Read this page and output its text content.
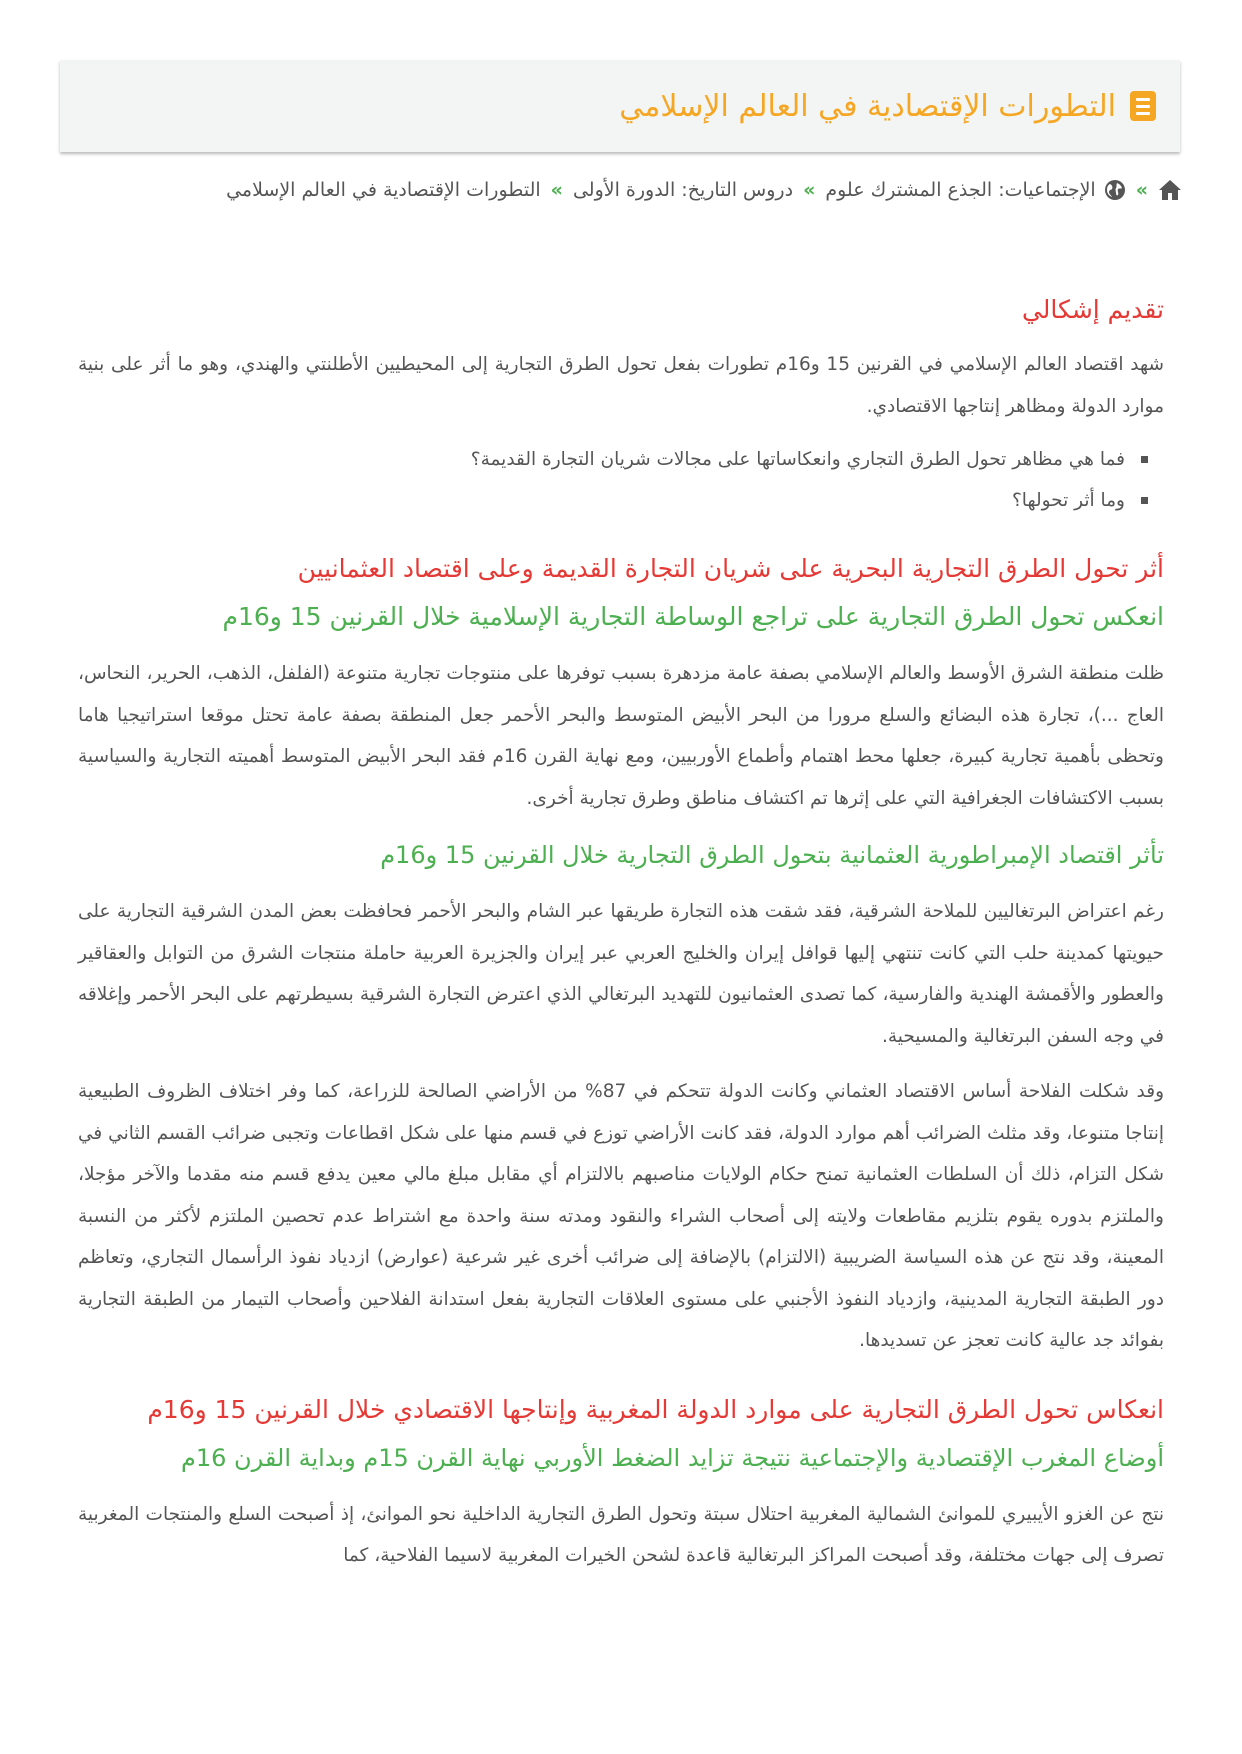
التطورات الإقتصادية في العالم الإسلامي
»
الإجتماعيات: الجذع المشترك علوم
»
دروس التاريخ: الدورة الأولى
»
التطورات الإقتصادية في العالم الإسلامي
تقديم إشكالي

شهد اقتصاد العالم الإسلامي في القرنين 15 و16م تطورات بفعل تحول الطرق التجارية إلى المحيطيين الأطلنتي والهندي، وهو ما أثر على بنية موارد الدولة ومظاهر إنتاجها الاقتصادي.

فما هي مظاهر تحول الطرق التجاري وانعكاساتها على مجالات شريان التجارة القديمة؟
وما أثر تحولها؟
أثر تحول الطرق التجارية البحرية على شريان التجارة القديمة وعلى اقتصاد العثمانيين
انعكس تحول الطرق التجارية على تراجع الوساطة التجارية الإسلامية خلال القرنين 15 و16م

ظلت منطقة الشرق الأوسط والعالم الإسلامي بصفة عامة مزدهرة بسبب توفرها على منتوجات تجارية متنوعة (الفلفل، الذهب، الحرير، النحاس، العاج ...)، تجارة هذه البضائع والسلع مرورا من البحر الأبيض المتوسط والبحر الأحمر جعل المنطقة بصفة عامة تحتل موقعا استراتيجيا هاما وتحظى بأهمية تجارية كبيرة، جعلها محط اهتمام وأطماع الأوربيين، ومع نهاية القرن 16م فقد البحر الأبيض المتوسط أهميته التجارية والسياسية بسبب الاكتشافات الجغرافية التي على إثرها تم اكتشاف مناطق وطرق تجارية أخرى.

تأثر اقتصاد الإمبراطورية العثمانية بتحول الطرق التجارية خلال القرنين 15 و16م

رغم اعتراض البرتغاليين للملاحة الشرقية، فقد شقت هذه التجارة طريقها عبر الشام والبحر الأحمر فحافظت بعض المدن الشرقية التجارية على حيويتها كمدينة حلب التي كانت تنتهي إليها قوافل إيران والخليج العربي عبر إيران والجزيرة العربية حاملة منتجات الشرق من التوابل والعقاقير والعطور والأقمشة الهندية والفارسية، كما تصدى العثمانيون للتهديد البرتغالي الذي اعترض التجارة الشرقية بسيطرتهم على البحر الأحمر وإغلاقه في وجه السفن البرتغالية والمسيحية.

وقد شكلت الفلاحة أساس الاقتصاد العثماني وكانت الدولة تتحكم في 87% من الأراضي الصالحة للزراعة، كما وفر اختلاف الظروف الطبيعية إنتاجا متنوعا، وقد مثلث الضرائب أهم موارد الدولة، فقد كانت الأراضي توزع في قسم منها على شكل اقطاعات وتجبى ضرائب القسم الثاني في شكل التزام، ذلك أن السلطات العثمانية تمنح حكام الولايات مناصبهم بالالتزام أي مقابل مبلغ مالي معين يدفع قسم منه مقدما والآخر مؤجلا، والملتزم بدوره يقوم بتلزيم مقاطعات ولايته إلى أصحاب الشراء والنقود ومدته سنة واحدة مع اشتراط عدم تحصين الملتزم لأكثر من النسبة المعينة، وقد نتج عن هذه السياسة الضريبية (الالتزام) بالإضافة إلى ضرائب أخرى غير شرعية (عوارض) ازدياد نفوذ الرأسمال التجاري، وتعاظم دور الطبقة التجارية المدينية، وازدياد النفوذ الأجنبي على مستوى العلاقات التجارية بفعل استدانة الفلاحين وأصحاب التيمار من الطبقة التجارية بفوائد جد عالية كانت تعجز عن تسديدها.

انعكاس تحول الطرق التجارية على موارد الدولة المغربية وإنتاجها الاقتصادي خلال القرنين 15 و16م
أوضاع المغرب الإقتصادية والإجتماعية نتيجة تزايد الضغط الأوربي نهاية القرن 15م وبداية القرن 16م

نتج عن الغزو الأيبيري للموانئ الشمالية المغربية احتلال سبتة وتحول الطرق التجارية الداخلية نحو الموانئ، إذ أصبحت السلع والمنتجات المغربية تصرف إلى جهات مختلفة، وقد أصبحت المراكز البرتغالية قاعدة لشحن الخيرات المغربية لاسيما الفلاحية، كما
